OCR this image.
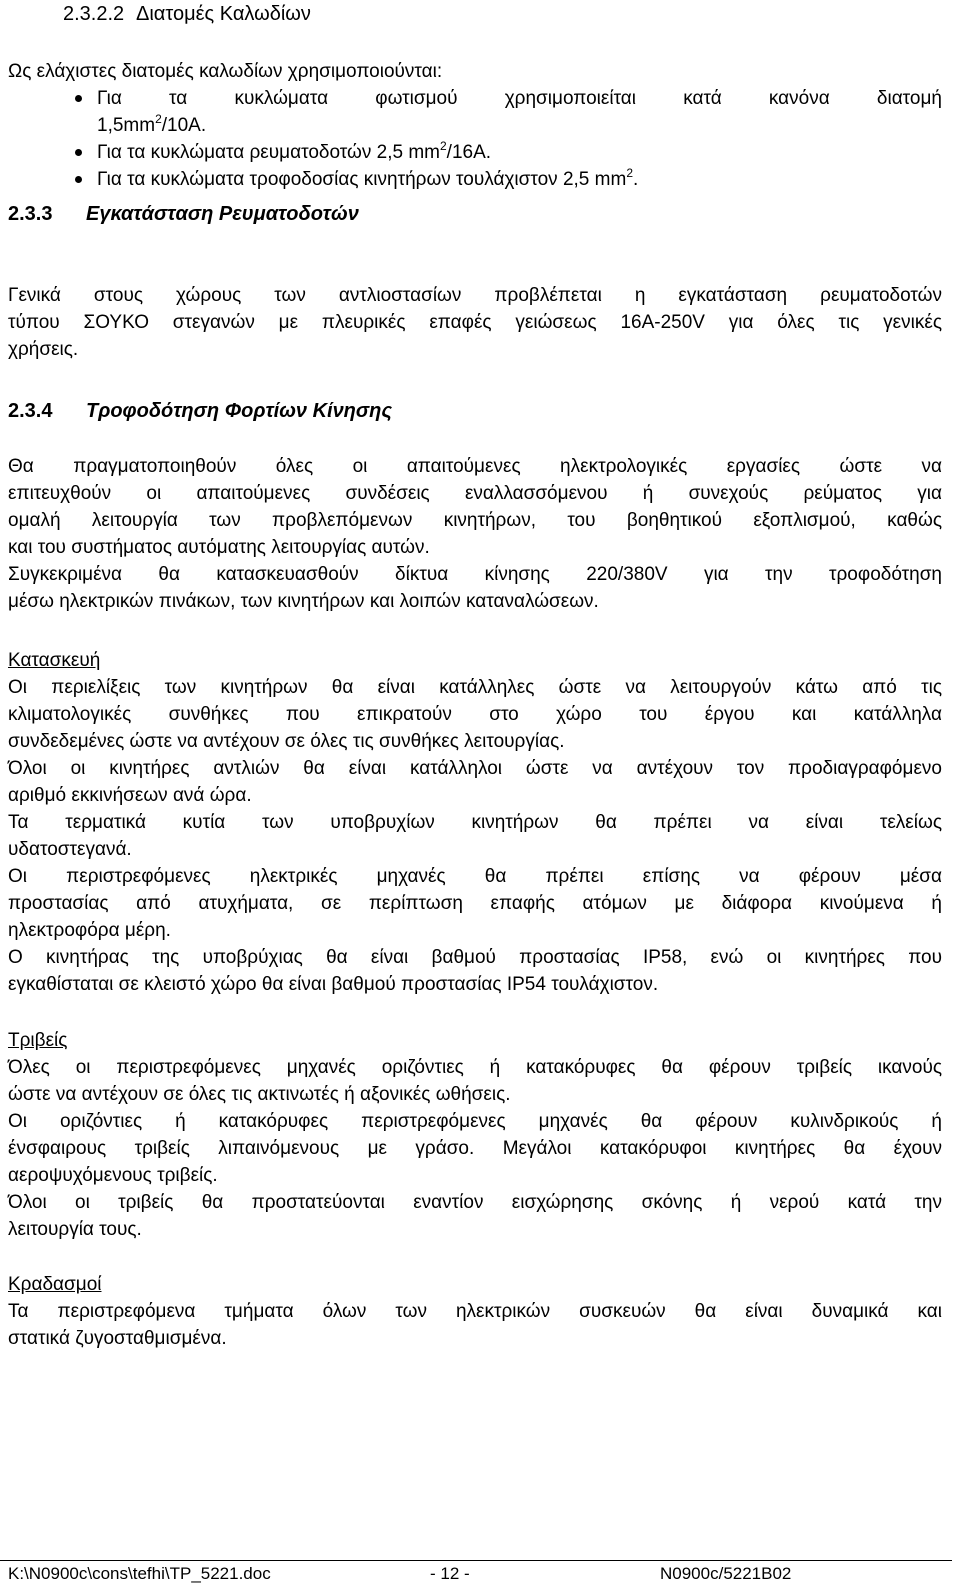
2.3.2.2 Διατομές Καλωδίων

Ως ελάχιστες διατομές καλωδίων χρησιμοποιούνται:

Για τα κυκλώματα φωτισμού χρησιμοποιείται κατά κανόνα διατομή
$1,5mm^2/10A$.
Για τα κυκλώματα ρευματοδοτών 2,5 $mm^2/16A$.
Για τα κυκλώματα τροφοδοσίας κινητήρων τουλάχιστον 2,5 $mm^2$.
2.3.3 Εγκατάσταση Ρευματοδοτών

Γενικά στους χώρους των αντλιοστασίων προβλέπεται η εγκατάσταση ρευματοδοτών
τύπου ΣΟΥΚΟ στεγανών με πλευρικές επαφές γειώσεως 16Α-250V για όλες τις γενικές
χρήσεις.

2.3.4 Τροφοδότηση Φορτίων Κίνησης

Θα πραγματοποιηθούν όλες οι απαιτούμενες ηλεκτρολογικές εργασίες ώστε να
επιτευχθούν οι απαιτούμενες συνδέσεις εναλλασσόμενου ή συνεχούς ρεύματος για
ομαλή λειτουργία των προβλεπόμενων κινητήρων, του βοηθητικού εξοπλισμού, καθώς
και του συστήματος αυτόματης λειτουργίας αυτών.

Συγκεκριμένα θα κατασκευασθούν δίκτυα κίνησης 220/380V για την τροφοδότηση
μέσω ηλεκτρικών πινάκων, των κινητήρων και λοιπών καταναλώσεων.

Κατασκευή

Οι περιελίξεις των κινητήρων θα είναι κατάλληλες ώστε να λειτουργούν κάτω από τις
κλιματολογικές συνθήκες που επικρατούν στο χώρο του έργου και κατάλληλα
συνδεδεμένες ώστε να αντέχουν σε όλες τις συνθήκες λειτουργίας.

Όλοι οι κινητήρες αντλιών θα είναι κατάλληλοι ώστε να αντέχουν τον προδιαγραφόμενο
αριθμό εκκινήσεων ανά ώρα.

Τα τερματικά κυτία των υποβρυχίων κινητήρων θα πρέπει να είναι τελείως
υδατοστεγανά.

Οι περιστρεφόμενες ηλεκτρικές μηχανές θα πρέπει επίσης να φέρουν μέσα
προστασίας από ατυχήματα, σε περίπτωση επαφής ατόμων με διάφορα κινούμενα ή
ηλεκτροφόρα μέρη.

Ο κινητήρας της υποβρύχιας θα είναι βαθμού προστασίας IP58, ενώ οι κινητήρες που
εγκαθίσταται σε κλειστό χώρο θα είναι βαθμού προστασίας IP54 τουλάχιστον.

Τριβείς

Όλες οι περιστρεφόμενες μηχανές οριζόντιες ή κατακόρυφες θα φέρουν τριβείς ικανούς
ώστε να αντέχουν σε όλες τις ακτινωτές ή αξονικές ωθήσεις.

Οι οριζόντιες ή κατακόρυφες περιστρεφόμενες μηχανές θα φέρουν κυλινδρικούς ή
ένσφαιρους τριβείς λιπαινόμενους με γράσο. Μεγάλοι κατακόρυφοι κινητήρες θα έχουν
αεροψυχόμενους τριβείς.

Όλοι οι τριβείς θα προστατεύονται εναντίον εισχώρησης σκόνης ή νερού κατά την
λειτουργία τους.

Κραδασμοί

Τα περιστρεφόμενα τμήματα όλων των ηλεκτρικών συσκευών θα είναι δυναμικά και
στατικά ζυγοσταθμισμένα.

K:\N0900c\cons\tefhi\TP_5221.doc	- 12 -	N0900c/5221B02
